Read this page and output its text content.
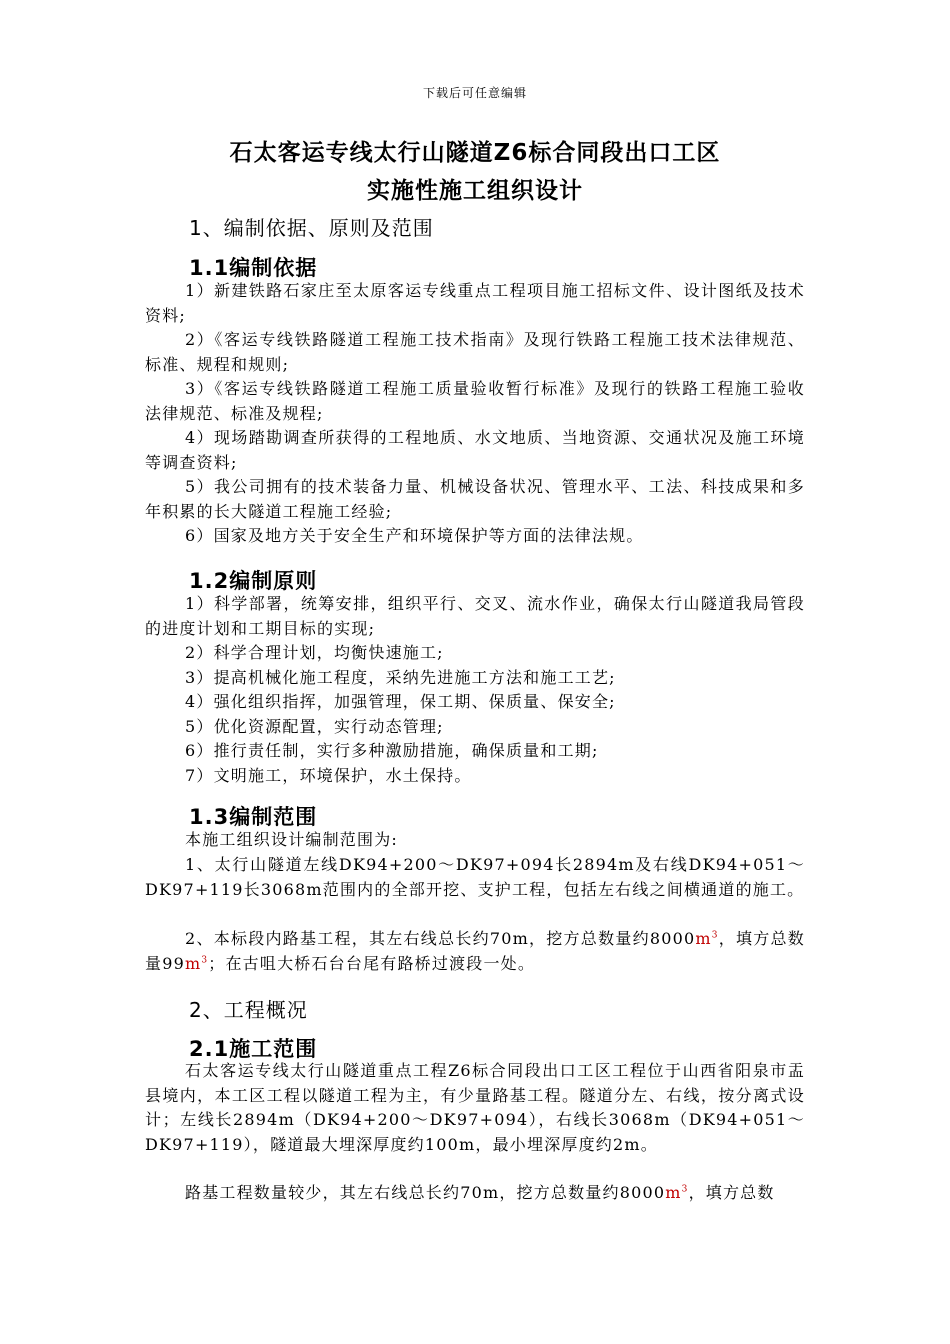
下载后可任意编辑
石太客运专线太行山隧道Z6标合同段出口工区
实施性施工组织设计
1、编制依据、原则及范围
1.1编制依据
1）新建铁路石家庄至太原客运专线重点工程项目施工招标文件、设计图纸及技术资料;
2）《客运专线铁路隧道工程施工技术指南》及现行铁路工程施工技术法律规范、标准、规程和规则;
3）《客运专线铁路隧道工程施工质量验收暂行标准》及现行的铁路工程施工验收法律规范、标准及规程;
4）现场踏勘调查所获得的工程地质、水文地质、当地资源、交通状况及施工环境等调查资料;
5）我公司拥有的技术装备力量、机械设备状况、管理水平、工法、科技成果和多年积累的长大隧道工程施工经验;
6）国家及地方关于安全生产和环境保护等方面的法律法规。
1.2编制原则
1）科学部署，统筹安排，组织平行、交叉、流水作业，确保太行山隧道我局管段的进度计划和工期目标的实现;
2）科学合理计划，均衡快速施工;
3）提高机械化施工程度，采纳先进施工方法和施工工艺;
4）强化组织指挥，加强管理，保工期、保质量、保安全;
5）优化资源配置，实行动态管理;
6）推行责任制，实行多种激励措施，确保质量和工期;
7）文明施工，环境保护，水土保持。
1.3编制范围
本施工组织设计编制范围为:
1、太行山隧道左线DK94+200～DK97+094长2894m及右线DK94+051～DK97+119长3068m范围内的全部开挖、支护工程，包括左右线之间横通道的施工。
2、本标段内路基工程，其左右线总长约70m，挖方总数量约$8000m^3$，填方总数量$99m^3$；在古咀大桥石台台尾有路桥过渡段一处。
2、工程概况
2.1施工范围
石太客运专线太行山隧道重点工程Z6标合同段出口工区工程位于山西省阳泉市盂县境内，本工区工程以隧道工程为主，有少量路基工程。隧道分左、右线，按分离式设计；左线长2894m（DK94+200～DK97+094），右线长3068m（DK94+051～DK97+119），隧道最大埋深厚度约100m，最小埋深厚度约2m。
路基工程数量较少，其左右线总长约70m，挖方总数量约$8000m^3$，填方总数
